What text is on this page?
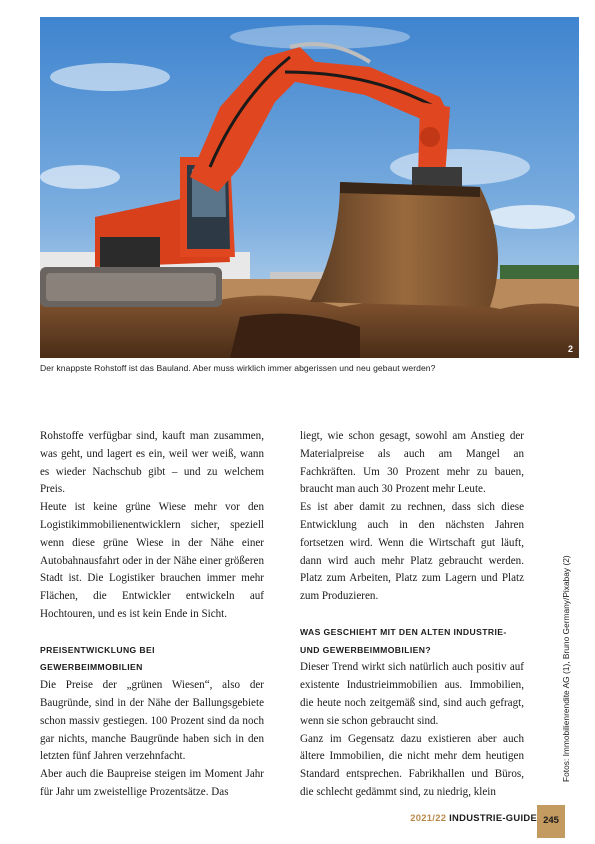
2
Der knappste Rohstoff ist das Bauland. Aber muss wirklich immer abgerissen und neu gebaut werden?

Rohstoffe verfügbar sind, kauft man zusammen, was geht, und lagert es ein, weil wer weiß, wann es wieder Nachschub gibt – und zu welchem Preis.

Heute ist keine grüne Wiese mehr vor den Logistikimmobilienentwicklern sicher, speziell wenn diese grüne Wiese in der Nähe einer Autobahnausfahrt oder in der Nähe einer größeren Stadt ist. Die Logistiker brauchen immer mehr Flächen, die Entwickler entwickeln auf Hochtouren, und es ist kein Ende in Sicht.

PREISENTWICKLUNG BEI
GEWERBEIMMOBILIEN

Die Preise der „grünen Wiesen“, also der Baugründe, sind in der Nähe der Ballungsgebiete schon massiv gestiegen. 100 Prozent sind da noch gar nichts, manche Baugründe haben sich in den letzten fünf Jahren verzehnfacht.

Aber auch die Baupreise steigen im Moment Jahr für Jahr um zweistellige Prozentsätze. Das

liegt, wie schon gesagt, sowohl am Anstieg der Materialpreise als auch am Mangel an Fachkräften. Um 30 Prozent mehr zu bauen, braucht man auch 30 Prozent mehr Leute.

Es ist aber damit zu rechnen, dass sich diese Entwicklung auch in den nächsten Jahren fortsetzen wird. Wenn die Wirtschaft gut läuft, dann wird auch mehr Platz gebraucht werden. Platz zum Arbeiten, Platz zum Lagern und Platz zum Produzieren.

WAS GESCHIEHT MIT DEN ALTEN INDUSTRIE-
UND GEWERBEIMMOBILIEN?

Dieser Trend wirkt sich natürlich auch positiv auf existente Industrieimmobilien aus. Immobilien, die heute noch zeitgemäß sind, sind auch gefragt, wenn sie schon gebraucht sind.

Ganz im Gegensatz dazu existieren aber auch ältere Immobilien, die nicht mehr dem heutigen Standard entsprechen. Fabrikhallen und Büros, die schlecht gedämmt sind, zu niedrig, klein

Fotos: Immobilienrendite AG (1), Bruno Germany/Pixabay (2)
2021/22 INDUSTRIE-GUIDE 245
